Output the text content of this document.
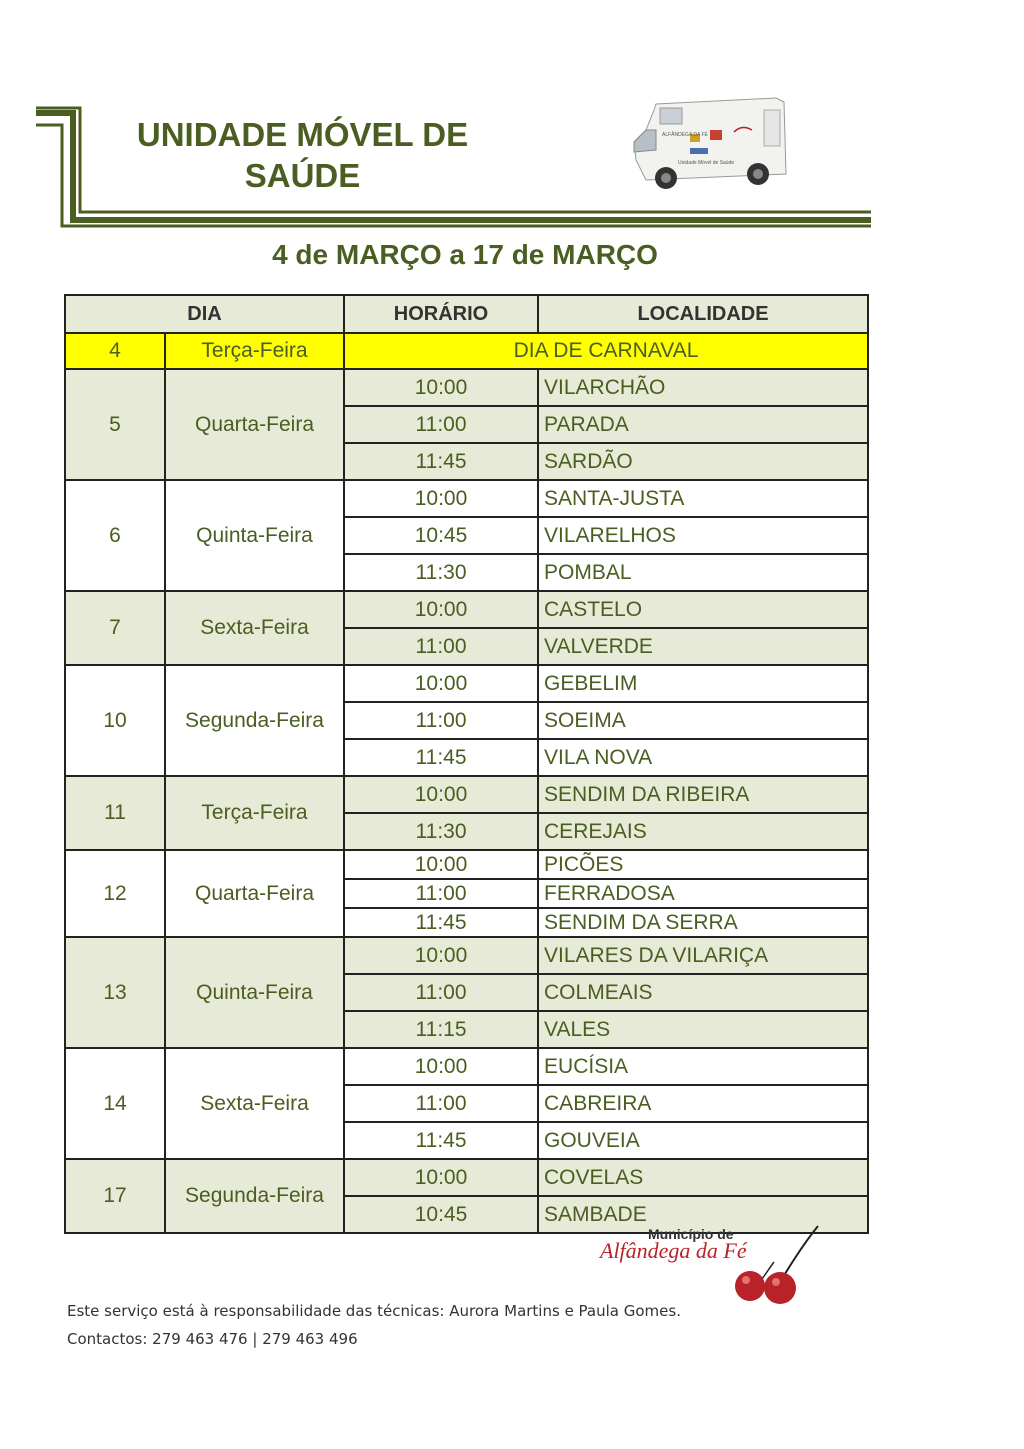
UNIDADE MÓVEL DE
SAÚDE
ALFÂNDEGA DA FÉ
Unidade Móvel de Saúde
4 de MARÇO a 17 de MARÇO
DIA		HORÁRIO	LOCALIDADE
4	Terça-Feira	DIA DE CARNAVAL	
5	Quarta-Feira	10:00	VILARCHÃO
		11:00	PARADA
		11:45	SARDÃO
6	Quinta-Feira	10:00	SANTA-JUSTA
		10:45	VILARELHOS
		11:30	POMBAL
7	Sexta-Feira	10:00	CASTELO
		11:00	VALVERDE
10	Segunda-Feira	10:00	GEBELIM
		11:00	SOEIMA
		11:45	VILA NOVA
11	Terça-Feira	10:00	SENDIM DA RIBEIRA
		11:30	CEREJAIS
12	Quarta-Feira	10:00	PICÕES
		11:00	FERRADOSA
		11:45	SENDIM DA SERRA
13	Quinta-Feira	10:00	VILARES DA VILARIÇA
		11:00	COLMEAIS
		11:15	VALES
14	Sexta-Feira	10:00	EUCÍSIA
		11:00	CABREIRA
		11:45	GOUVEIA
17	Segunda-Feira	10:00	COVELAS
		10:45	SAMBADE
Município de
Alfândega da Fé
Este serviço está à responsabilidade das técnicas: Aurora Martins e Paula Gomes.
Contactos: 279 463 476 | 279 463 496
